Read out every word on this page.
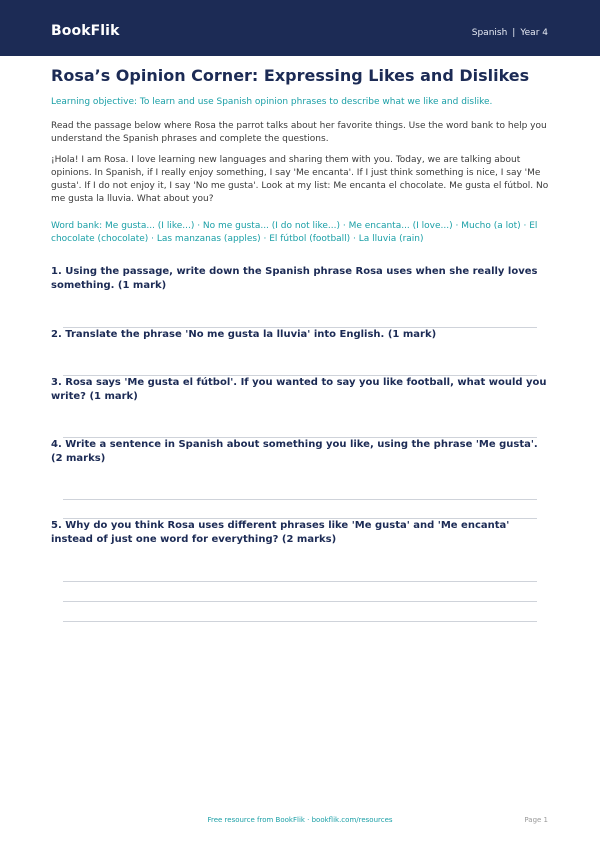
BookFlik	Spanish | Year 4
Rosa’s Opinion Corner: Expressing Likes and Dislikes
Learning objective: To learn and use Spanish opinion phrases to describe what we like and dislike.
Read the passage below where Rosa the parrot talks about her favorite things. Use the word bank to help you understand the Spanish phrases and complete the questions.
¡Hola! I am Rosa. I love learning new languages and sharing them with you. Today, we are talking about opinions. In Spanish, if I really enjoy something, I say 'Me encanta'. If I just think something is nice, I say 'Me gusta'. If I do not enjoy it, I say 'No me gusta'. Look at my list: Me encanta el chocolate. Me gusta el fútbol. No me gusta la lluvia. What about you?
Word bank: Me gusta... (I like...) · No me gusta... (I do not like...) · Me encanta... (I love...) · Mucho (a lot) · El chocolate (chocolate) · Las manzanas (apples) · El fútbol (football) · La lluvia (rain)
1. Using the passage, write down the Spanish phrase Rosa uses when she really loves something. (1 mark)
2. Translate the phrase 'No me gusta la lluvia' into English. (1 mark)
3. Rosa says 'Me gusta el fútbol'. If you wanted to say you like football, what would you write? (1 mark)
4. Write a sentence in Spanish about something you like, using the phrase 'Me gusta'. (2 marks)
5. Why do you think Rosa uses different phrases like 'Me gusta' and 'Me encanta' instead of just one word for everything? (2 marks)
Free resource from BookFlik · bookflik.com/resources	Page 1
